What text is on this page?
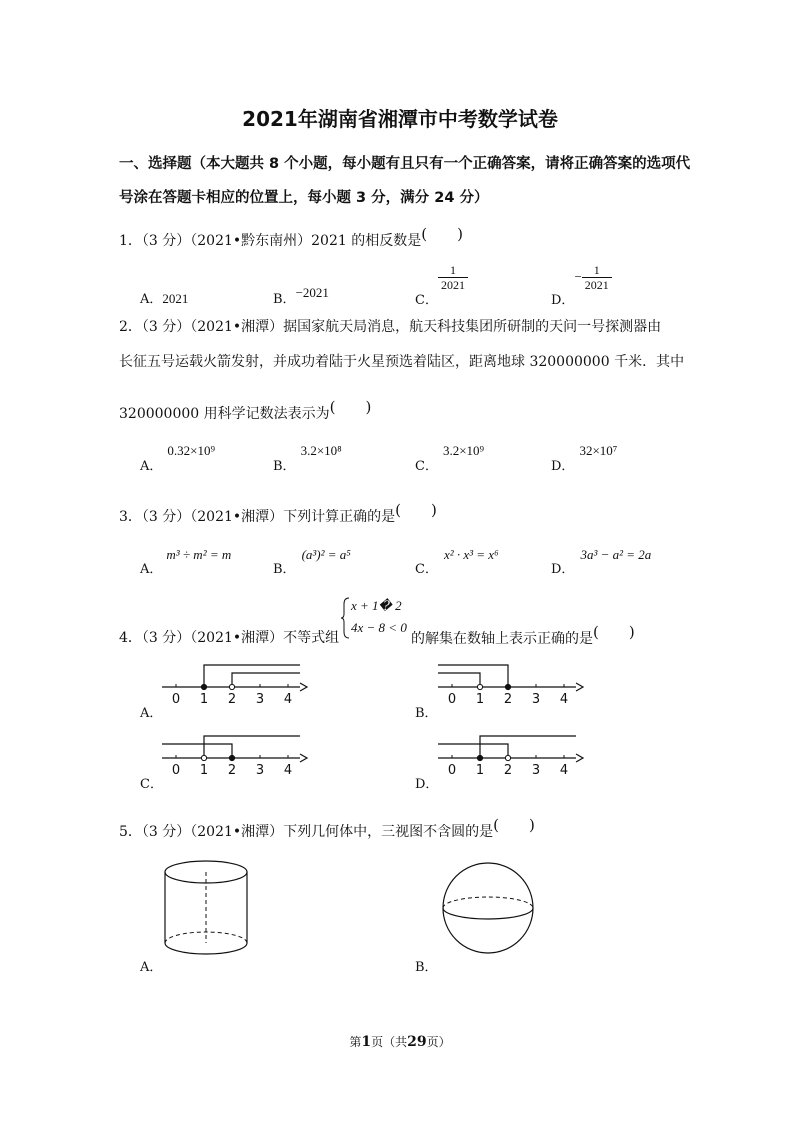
2021年湖南省湘潭市中考数学试卷
一、选择题（本大题共 8 个小题，每小题有且只有一个正确答案，请将正确答案的选项代
号涂在答题卡相应的位置上，每小题 3 分，满分 24 分）
1．（3 分）（2021•黔东南州）2021 的相反数是(　　)
A．2021	B．−2021
C．
$\frac{1}{2021}$
D．− $\frac{1}{2021}$
2．（3 分）（2021•湘潭）据国家航天局消息，航天科技集团所研制的天问一号探测器由
长征五号运载火箭发射，并成功着陆于火星预选着陆区，距离地球 320000000 千米．其中
320000000 用科学记数法表示为(　　)
A．0.32×10⁹
B．3.2×10⁸
C．3.2×10⁹
D．32×10⁷
3．（3 分）（2021•湘潭）下列计算正确的是(　　)
A．m³ ÷ m² = m
B．(a³)² = a⁵
C．x² · x³ = x⁶
D．3a³ − a² = 2a
4．（3 分）（2021•湘潭）不等式组
x + 1� 2
4x − 8 < 0
的解集在数轴上表示正确的是(　　)
A．
0 1 2 3 4
B．
0 1 2 3 4
C．
0 1 2 3 4
D．
0 1 2 3 4
5．（3 分）（2021•湘潭）下列几何体中，三视图不含圆的是(　　)
A．	B．
第1页（共29页）
